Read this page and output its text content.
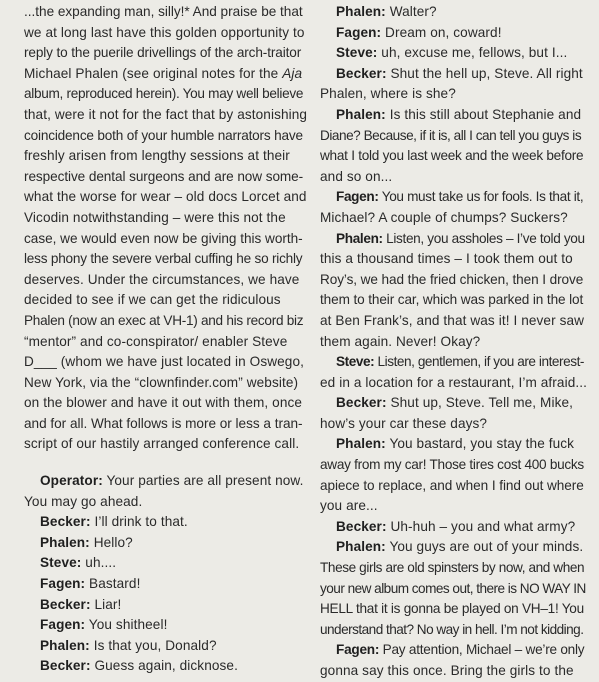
...the expanding man, silly!* And praise be that
we at long last have this golden opportunity to
reply to the puerile drivellings of the arch-traitor
Michael Phalen (see original notes for the Aja
album, reproduced herein). You may well believe
that, were it not for the fact that by astonishing
coincidence both of your humble narrators have
freshly arisen from lengthy sessions at their
respective dental surgeons and are now some-
what the worse for wear – old docs Lorcet and
Vicodin notwithstanding – were this not the
case, we would even now be giving this worth-
less phony the severe verbal cuffing he so richly
deserves. Under the circumstances, we have
decided to see if we can get the ridiculous
Phalen (now an exec at VH-1) and his record biz
“mentor” and co-conspirator/ enabler Steve
D___ (whom we have just located in Oswego,
New York, via the “clownfinder.com” website)
on the blower and have it out with them, once
and for all. What follows is more or less a tran-
script of our hastily arranged conference call.
Operator: Your parties are all present now.
You may go ahead.
Becker: I’ll drink to that.
Phalen: Hello?
Steve: uh....
Fagen: Bastard!
Becker: Liar!
Fagen: You shitheel!
Phalen: Is that you, Donald?
Becker: Guess again, dicknose.
Phalen: Walter?
Fagen: Dream on, coward!
Steve: uh, excuse me, fellows, but I...
Becker: Shut the hell up, Steve. All right
Phalen, where is she?
Phalen: Is this still about Stephanie and
Diane? Because, if it is, all I can tell you guys is
what I told you last week and the week before
and so on...
Fagen: You must take us for fools. Is that it,
Michael? A couple of chumps? Suckers?
Phalen: Listen, you assholes – I’ve told you
this a thousand times – I took them out to
Roy’s, we had the fried chicken, then I drove
them to their car, which was parked in the lot
at Ben Frank’s, and that was it! I never saw
them again. Never! Okay?
Steve: Listen, gentlemen, if you are interest-
ed in a location for a restaurant, I’m afraid...
Becker: Shut up, Steve. Tell me, Mike,
how’s your car these days?
Phalen: You bastard, you stay the fuck
away from my car! Those tires cost 400 bucks
apiece to replace, and when I find out where
you are...
Becker: Uh-huh – you and what army?
Phalen: You guys are out of your minds.
These girls are old spinsters by now, and when
your new album comes out, there is NO WAY IN
HELL that it is gonna be played on VH–1! You
understand that? No way in hell. I’m not kidding.
Fagen: Pay attention, Michael – we’re only
gonna say this once. Bring the girls to the
